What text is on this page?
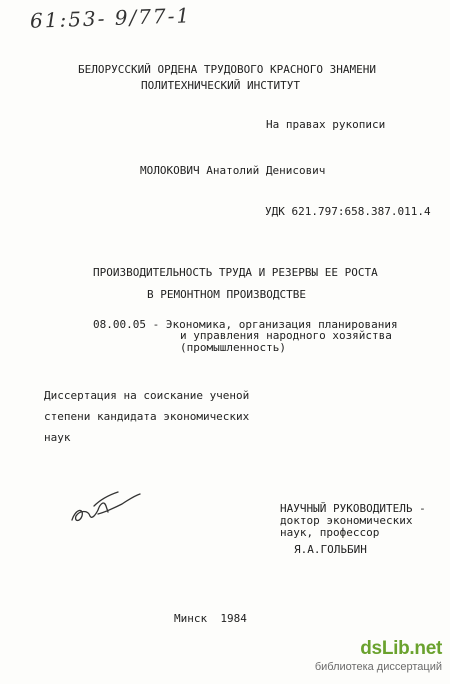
61:53- 9/77-1
БЕЛОРУССКИЙ ОРДЕНА ТРУДОВОГО КРАСНОГО ЗНАМЕНИ
ПОЛИТЕХНИЧЕСКИЙ ИНСТИТУТ
На правах рукописи
МОЛОКОВИЧ Анатолий Денисович
УДК 621.797:658.387.011.4
ПРОИЗВОДИТЕЛЬНОСТЬ ТРУДА И РЕЗЕРВЫ ЕЕ РОСТА
В РЕМОНТНОМ ПРОИЗВОДСТВЕ
08.00.05 - Экономика, организация планирования
и управления народного хозяйства
(промышленность)
Диссертация на соискание ученой
степени кандидата экономических
наук
НАУЧНЫЙ РУКОВОДИТЕЛЬ -
доктор экономических
наук, профессор
Я.А.ГОЛЬБИН
Минск  1984
dsLib.net
библиотека диссертаций
